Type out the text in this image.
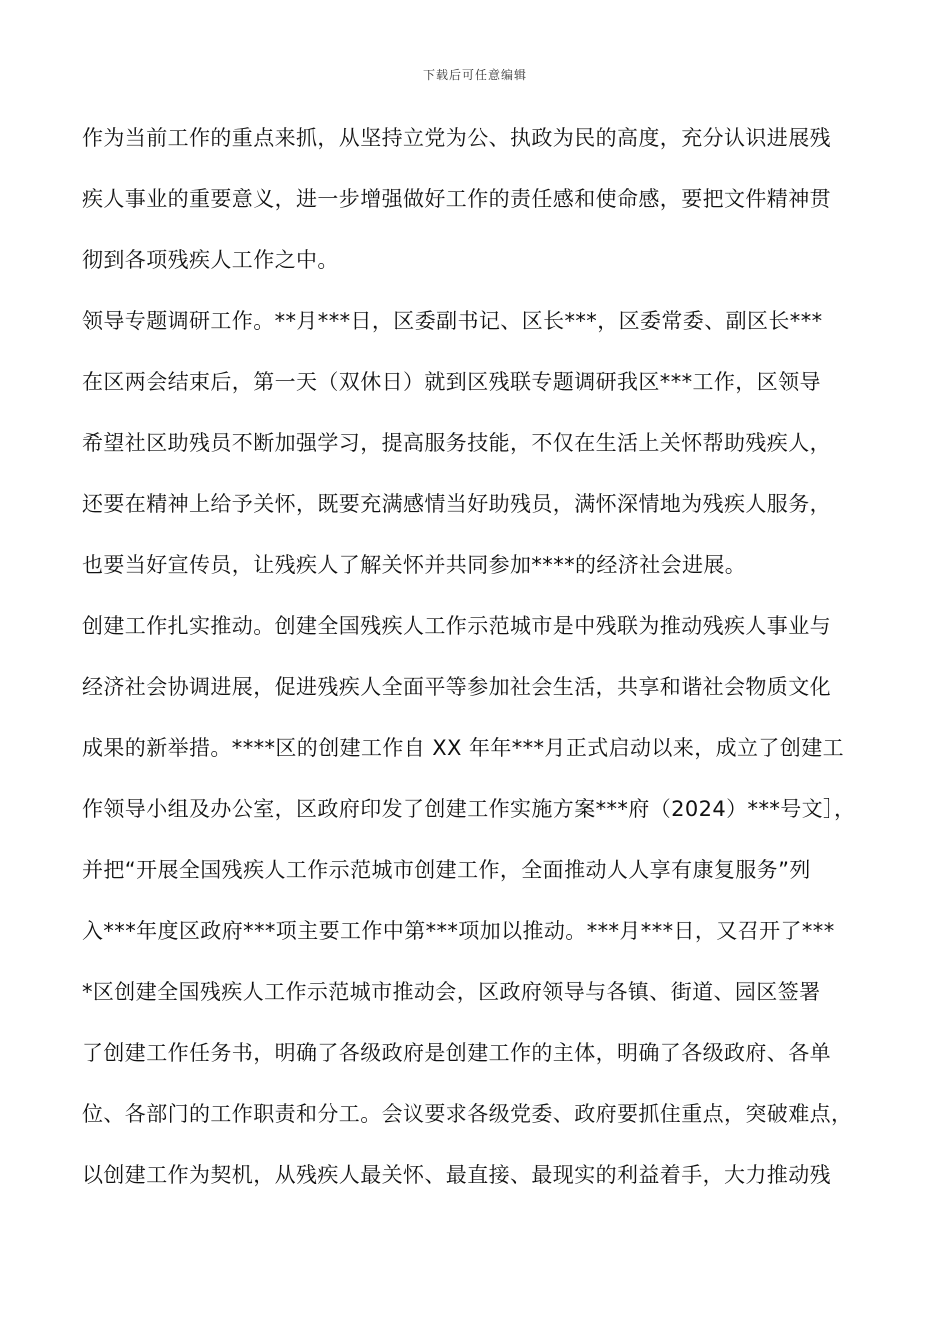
下载后可任意编辑
作为当前工作的重点来抓，从坚持立党为公、执政为民的高度，充分认识进展残
疾人事业的重要意义，进一步增强做好工作的责任感和使命感，要把文件精神贯
彻到各项残疾人工作之中。
领导专题调研工作。**月***日，区委副书记、区长***，区委常委、副区长***
在区两会结束后，第一天（双休日）就到区残联专题调研我区***工作，区领导
希望社区助残员不断加强学习，提高服务技能，不仅在生活上关怀帮助残疾人，
还要在精神上给予关怀，既要充满感情当好助残员，满怀深情地为残疾人服务，
也要当好宣传员，让残疾人了解关怀并共同参加****的经济社会进展。
创建工作扎实推动。创建全国残疾人工作示范城市是中残联为推动残疾人事业与
经济社会协调进展，促进残疾人全面平等参加社会生活，共享和谐社会物质文化
成果的新举措。****区的创建工作自 XX 年年***月正式启动以来，成立了创建工
作领导小组及办公室，区政府印发了创建工作实施方案***府（2024）***号文］，
并把“开展全国残疾人工作示范城市创建工作，全面推动人人享有康复服务”列
入***年度区政府***项主要工作中第***项加以推动。***月***日，又召开了***
*区创建全国残疾人工作示范城市推动会，区政府领导与各镇、街道、园区签署
了创建工作任务书，明确了各级政府是创建工作的主体，明确了各级政府、各单
位、各部门的工作职责和分工。会议要求各级党委、政府要抓住重点，突破难点，
以创建工作为契机，从残疾人最关怀、最直接、最现实的利益着手，大力推动残
